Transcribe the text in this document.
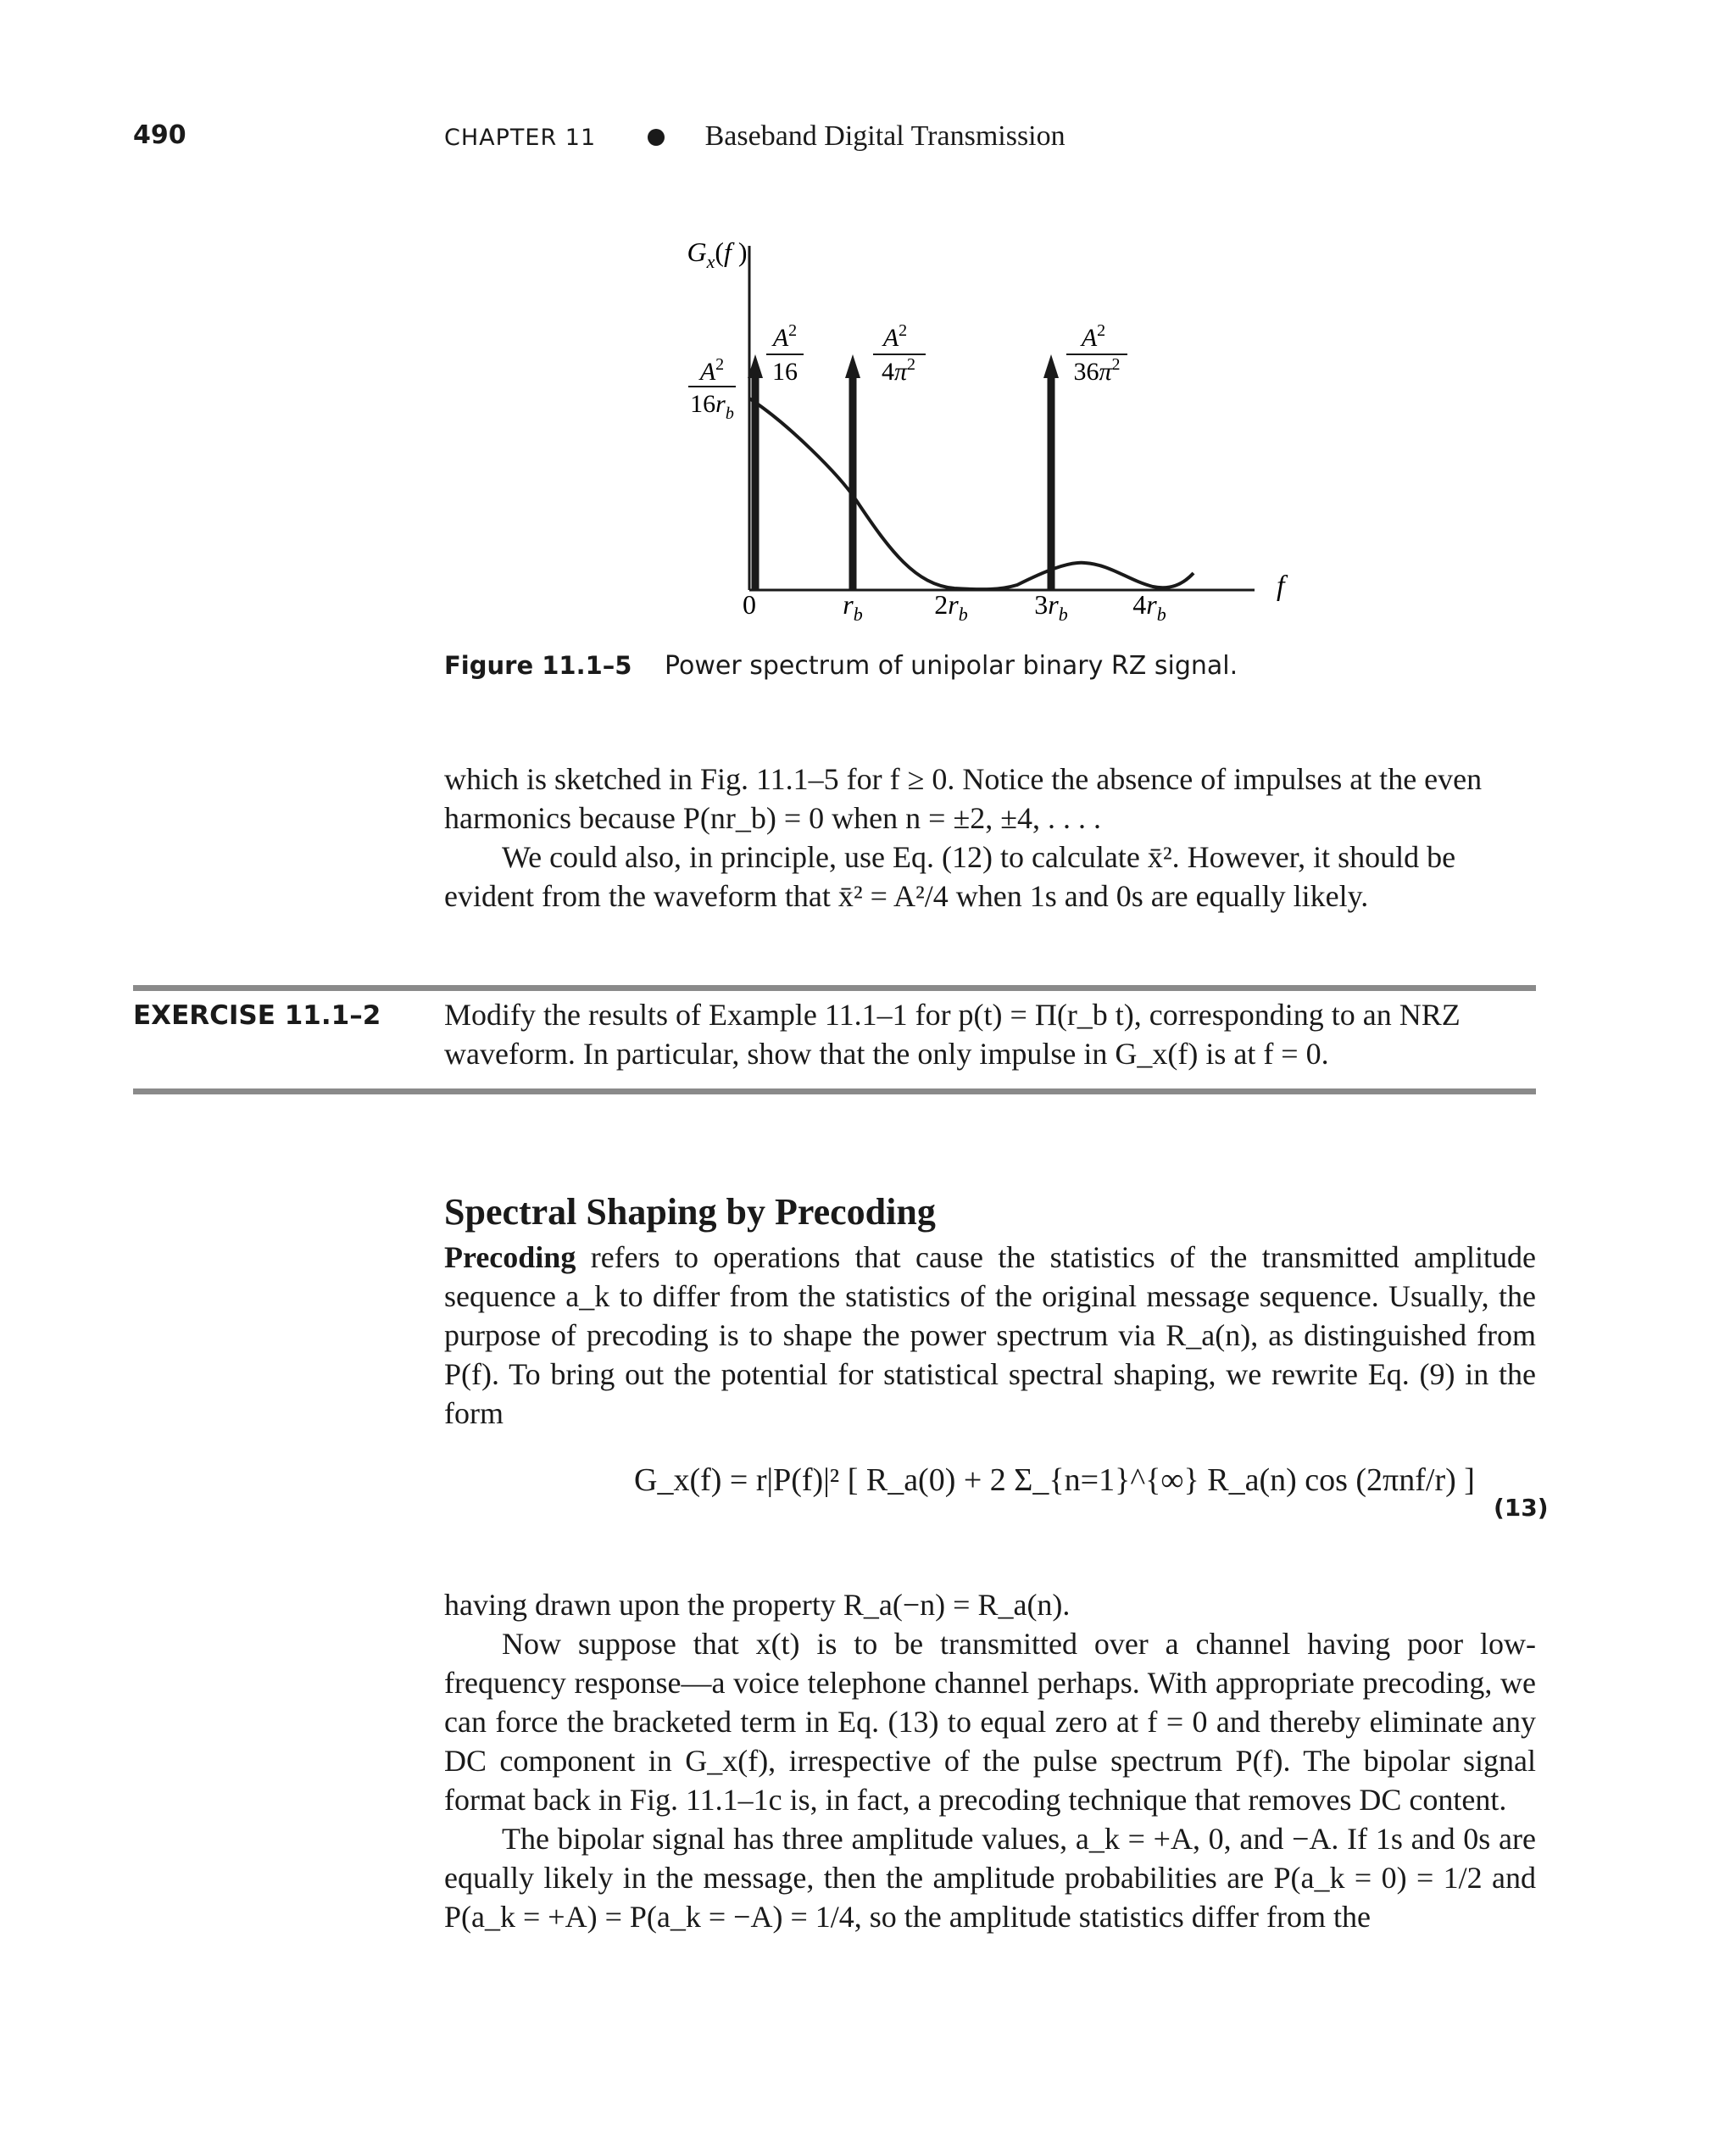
490	CHAPTER 11	Baseband Digital Transmission
$G_x(f$ )
f
0	$r_b$	$2r_b$ $3r_b$ $4r_b$
$A^2$
16
$A^2$
$4\pi^2$
$A^2$
$36\pi^2$
$A^2$
$16r_b$
Figure 11.1–5 Power spectrum of unipolar binary RZ signal.
which is sketched in Fig. 11.1–5 for f ≥ 0. Notice the absence of impulses at the even
harmonics because P(nr_b) = 0 when n = ±2, ±4, . . . .
We could also, in principle, use Eq. (12) to calculate x̄². However, it should be
evident from the waveform that x̄² = A²/4 when 1s and 0s are equally likely.
EXERCISE 11.1–2 Modify the results of Example 11.1–1 for p(t) = Π(r_b t), corresponding to an NRZ
waveform. In particular, show that the only impulse in G_x(f) is at f = 0.
Spectral Shaping by Precoding
Precoding refers to operations that cause the statistics of the transmitted amplitude sequence a_k to differ from the statistics of the original message sequence. Usually, the purpose of precoding is to shape the power spectrum via R_a(n), as distinguished from P(f). To bring out the potential for statistical spectral shaping, we rewrite Eq. (9) in the form
G_x(f) = r|P(f)|² [ R_a(0) + 2 Σ_{n=1}^{∞} R_a(n) cos (2πnf/r) ]
(13)
having drawn upon the property R_a(−n) = R_a(n).
Now suppose that x(t) is to be transmitted over a channel having poor low-frequency response—a voice telephone channel perhaps. With appropriate precoding, we can force the bracketed term in Eq. (13) to equal zero at f = 0 and thereby eliminate any DC component in G_x(f), irrespective of the pulse spectrum P(f). The bipolar signal format back in Fig. 11.1–1c is, in fact, a precoding technique that removes DC content.
The bipolar signal has three amplitude values, a_k = +A, 0, and −A. If 1s and 0s are equally likely in the message, then the amplitude probabilities are P(a_k = 0) = 1/2 and P(a_k = +A) = P(a_k = −A) = 1/4, so the amplitude statistics differ from the
